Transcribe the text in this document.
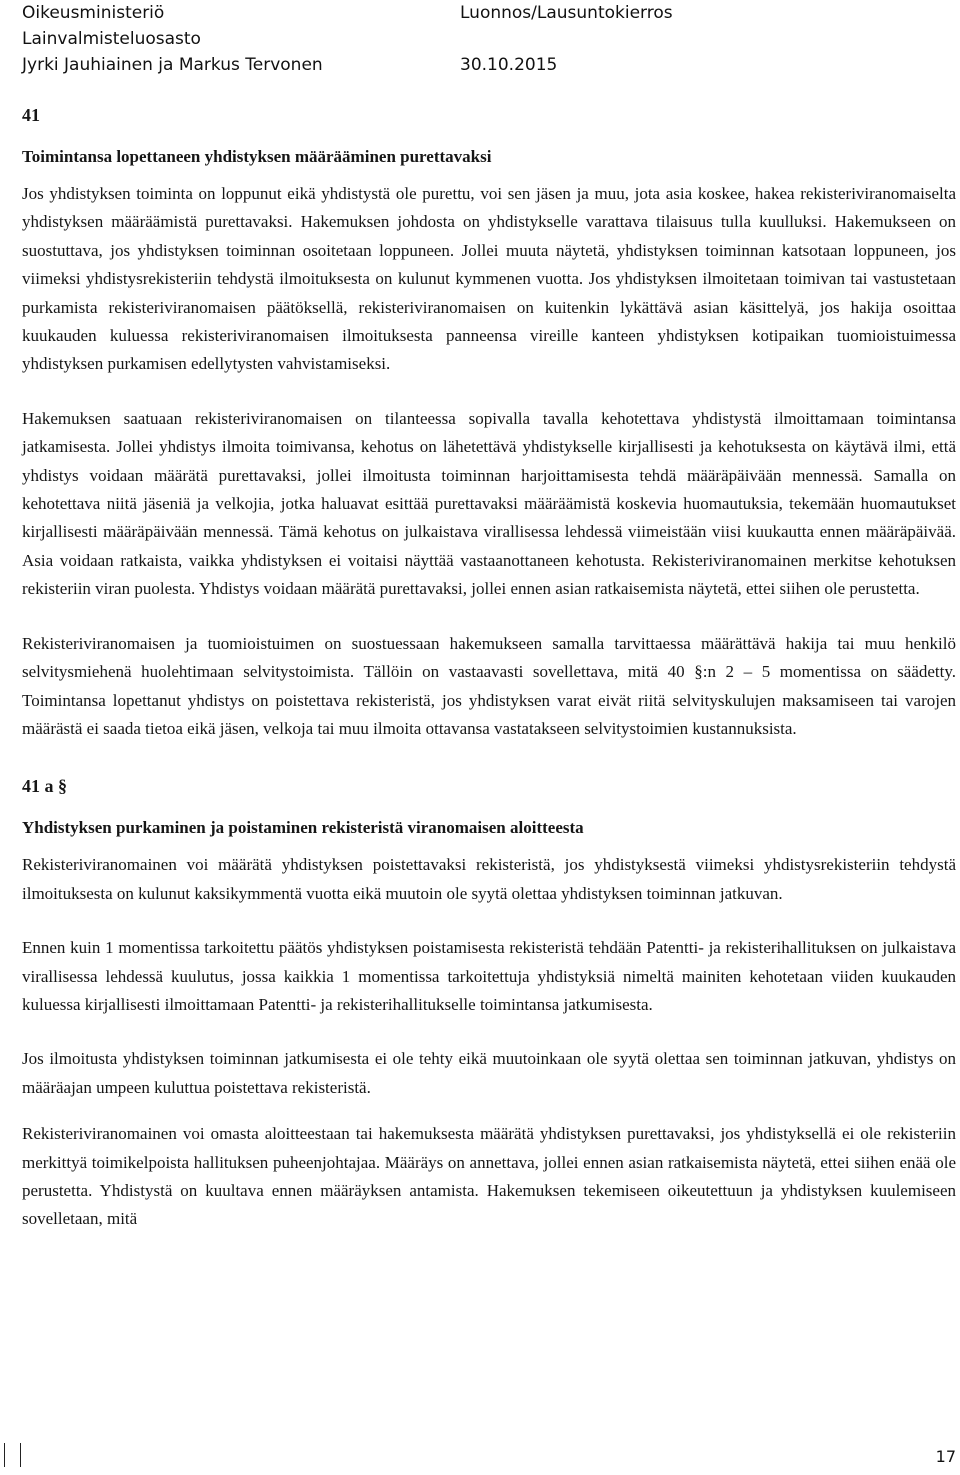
Oikeusministeriö	Luonnos/Lausuntokierros
Lainvalmisteluosasto
Jyrki Jauhiainen ja Markus Tervonen	30.10.2015
41
Toimintansa lopettaneen yhdistyksen määrääminen purettavaksi

Jos yhdistyksen toiminta on loppunut eikä yhdistystä ole purettu, voi sen jäsen ja muu, jota asia koskee, hakea rekisteriviranomaiselta yhdistyksen määräämistä purettavaksi. Hakemuksen johdosta on yhdistykselle varattava tilaisuus tulla kuulluksi. Hakemukseen on suostuttava, jos yhdistyksen toiminnan osoitetaan loppuneen. Jollei muuta näytetä, yhdistyksen toiminnan katsotaan loppuneen, jos viimeksi yhdistysrekisteriin tehdystä ilmoituksesta on kulunut kymmenen vuotta. Jos yhdistyksen ilmoitetaan toimivan tai vastustetaan purkamista rekisteriviranomaisen päätöksellä, rekisteriviranomaisen on kuitenkin lykättävä asian käsittelyä, jos hakija osoittaa kuukauden kuluessa rekisteriviranomaisen ilmoituksesta panneensa vireille kanteen yhdistyksen kotipaikan tuomioistuimessa yhdistyksen purkamisen edellytysten vahvistamiseksi.

Hakemuksen saatuaan rekisteriviranomaisen on tilanteessa sopivalla tavalla kehotettava yhdistystä ilmoittamaan toimintansa jatkamisesta. Jollei yhdistys ilmoita toimivansa, kehotus on lähetettävä yhdistykselle kirjallisesti ja kehotuksesta on käytävä ilmi, että yhdistys voidaan määrätä purettavaksi, jollei ilmoitusta toiminnan harjoittamisesta tehdä määräpäivään mennessä. Samalla on kehotettava niitä jäseniä ja velkojia, jotka haluavat esittää purettavaksi määräämistä koskevia huomautuksia, tekemään huomautukset kirjallisesti määräpäivään mennessä. Tämä kehotus on julkaistava virallisessa lehdessä viimeistään viisi kuukautta ennen määräpäivää. Asia voidaan ratkaista, vaikka yhdistyksen ei voitaisi näyttää vastaanottaneen kehotusta. Rekisteriviranomainen merkitse kehotuksen rekisteriin viran puolesta. Yhdistys voidaan määrätä purettavaksi, jollei ennen asian ratkaisemista näytetä, ettei siihen ole perustetta.

Rekisteriviranomaisen ja tuomioistuimen on suostuessaan hakemukseen samalla tarvittaessa määrättävä hakija tai muu henkilö selvitysmiehenä huolehtimaan selvitystoimista. Tällöin on vastaavasti sovellettava, mitä 40 §:n 2 – 5 momentissa on säädetty. Toimintansa lopettanut yhdistys on poistettava rekisteristä, jos yhdistyksen varat eivät riitä selvityskulujen maksamiseen tai varojen määrästä ei saada tietoa eikä jäsen, velkoja tai muu ilmoita ottavansa vastatakseen selvitystoimien kustannuksista.

41 a §
Yhdistyksen purkaminen ja poistaminen rekisteristä viranomaisen aloitteesta

Rekisteriviranomainen voi määrätä yhdistyksen poistettavaksi rekisteristä, jos yhdistyksestä viimeksi yhdistysrekisteriin tehdystä ilmoituksesta on kulunut kaksikymmentä vuotta eikä muutoin ole syytä olettaa yhdistyksen toiminnan jatkuvan.

Ennen kuin 1 momentissa tarkoitettu päätös yhdistyksen poistamisesta rekisteristä tehdään Patentti- ja rekisterihallituksen on julkaistava virallisessa lehdessä kuulutus, jossa kaikkia 1 momentissa tarkoitettuja yhdistyksiä nimeltä mainiten kehotetaan viiden kuukauden kuluessa kirjallisesti ilmoittamaan Patentti- ja rekisterihallitukselle toimintansa jatkumisesta.

Jos ilmoitusta yhdistyksen toiminnan jatkumisesta ei ole tehty eikä muutoinkaan ole syytä olettaa sen toiminnan jatkuvan, yhdistys on määräajan umpeen kuluttua poistettava rekisteristä.

Rekisteriviranomainen voi omasta aloitteestaan tai hakemuksesta määrätä yhdistyksen purettavaksi, jos yhdistyksellä ei ole rekisteriin merkittyä toimikelpoista hallituksen puheenjohtajaa. Määräys on annettava, jollei ennen asian ratkaisemista näytetä, ettei siihen enää ole perustetta. Yhdistystä on kuultava ennen määräyksen antamista. Hakemuksen tekemiseen oikeutettuun ja yhdistyksen kuulemiseen sovelletaan, mitä

17
